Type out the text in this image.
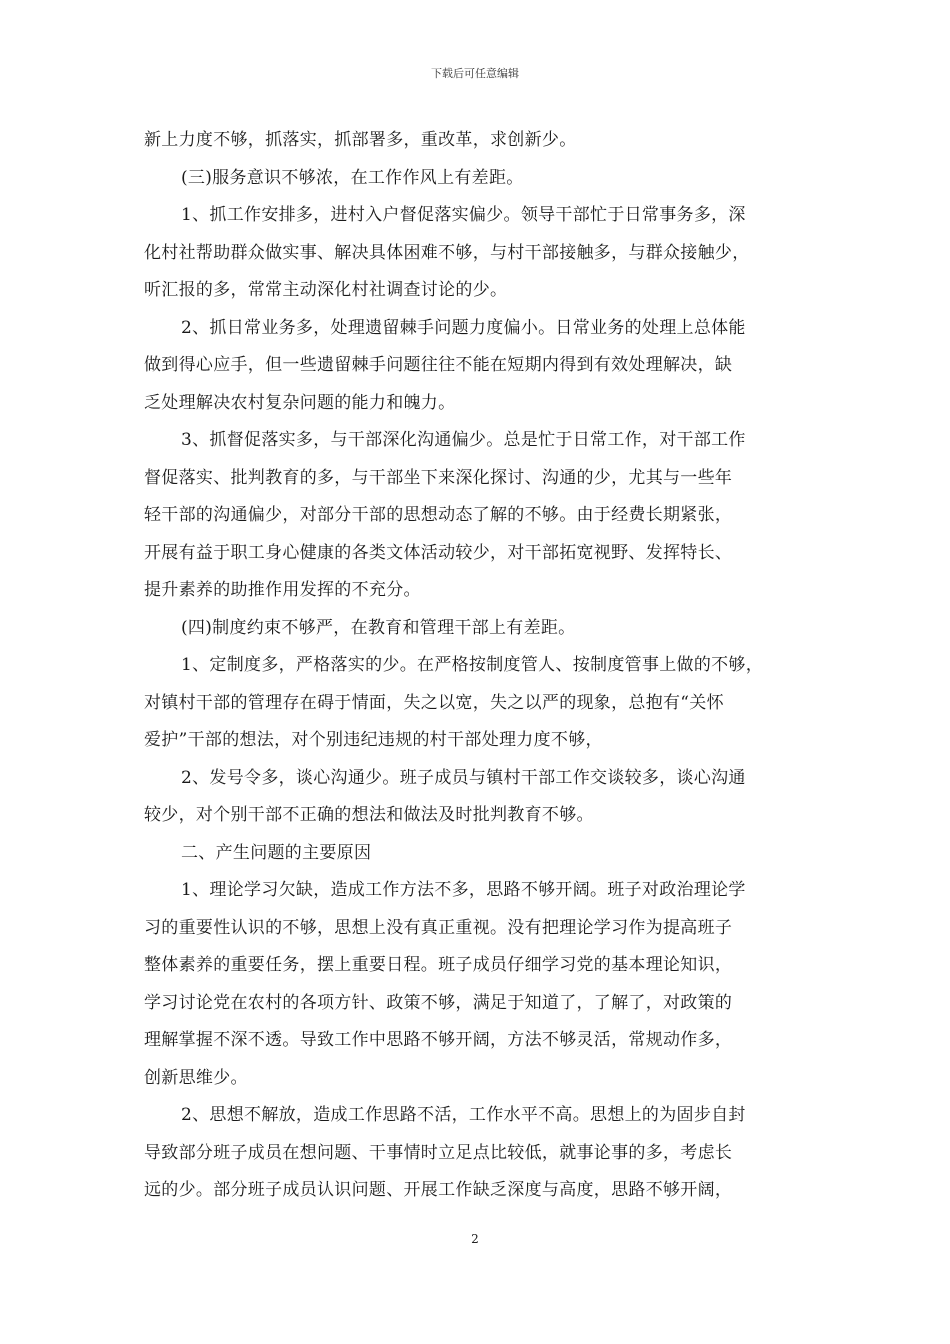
下载后可任意编辑
新上力度不够，抓落实，抓部署多，重改革，求创新少。
(三)服务意识不够浓，在工作作风上有差距。
1、抓工作安排多，进村入户督促落实偏少。领导干部忙于日常事务多，深
化村社帮助群众做实事、解决具体困难不够，与村干部接触多，与群众接触少，
听汇报的多，常常主动深化村社调查讨论的少。
2、抓日常业务多，处理遗留棘手问题力度偏小。日常业务的处理上总体能
做到得心应手，但一些遗留棘手问题往往不能在短期内得到有效处理解决，缺
乏处理解决农村复杂问题的能力和魄力。
3、抓督促落实多，与干部深化沟通偏少。总是忙于日常工作，对干部工作
督促落实、批判教育的多，与干部坐下来深化探讨、沟通的少，尤其与一些年
轻干部的沟通偏少，对部分干部的思想动态了解的不够。由于经费长期紧张，
开展有益于职工身心健康的各类文体活动较少，对干部拓宽视野、发挥特长、
提升素养的助推作用发挥的不充分。
(四)制度约束不够严，在教育和管理干部上有差距。
1、定制度多，严格落实的少。在严格按制度管人、按制度管事上做的不够，
对镇村干部的管理存在碍于情面，失之以宽，失之以严的现象，总抱有“关怀
爱护”干部的想法，对个别违纪违规的村干部处理力度不够，
2、发号令多，谈心沟通少。班子成员与镇村干部工作交谈较多，谈心沟通
较少，对个别干部不正确的想法和做法及时批判教育不够。
二、产生问题的主要原因
1、理论学习欠缺，造成工作方法不多，思路不够开阔。班子对政治理论学
习的重要性认识的不够，思想上没有真正重视。没有把理论学习作为提高班子
整体素养的重要任务，摆上重要日程。班子成员仔细学习党的基本理论知识，
学习讨论党在农村的各项方针、政策不够，满足于知道了，了解了，对政策的
理解掌握不深不透。导致工作中思路不够开阔，方法不够灵活，常规动作多，
创新思维少。
2、思想不解放，造成工作思路不活，工作水平不高。思想上的为固步自封
导致部分班子成员在想问题、干事情时立足点比较低，就事论事的多，考虑长
远的少。部分班子成员认识问题、开展工作缺乏深度与高度，思路不够开阔，
2
